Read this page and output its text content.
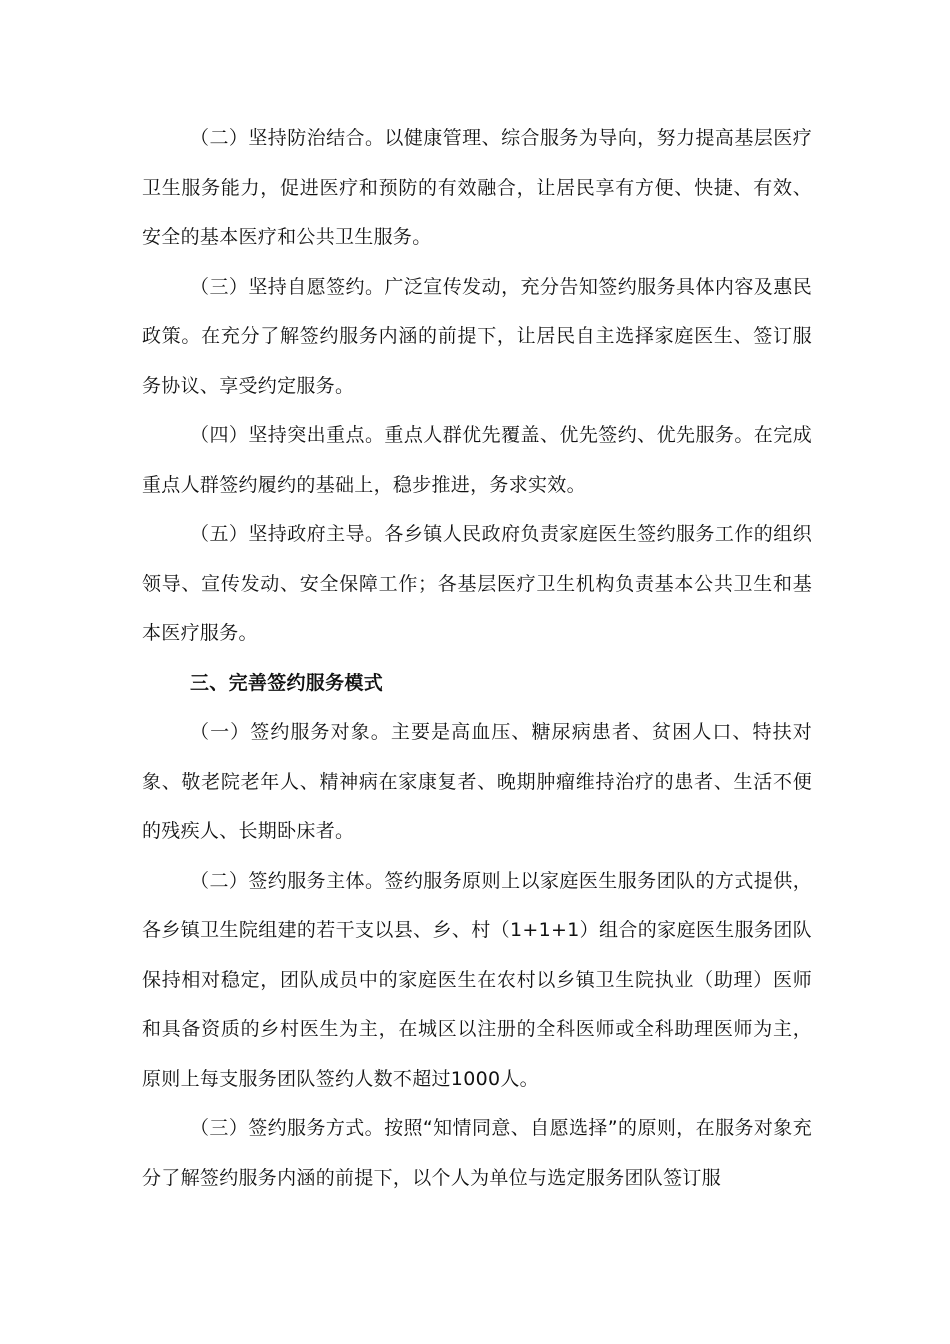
（二）坚持防治结合。以健康管理、综合服务为导向，努力提高基层医疗卫生服务能力，促进医疗和预防的有效融合，让居民享有方便、快捷、有效、安全的基本医疗和公共卫生服务。

（三）坚持自愿签约。广泛宣传发动，充分告知签约服务具体内容及惠民政策。在充分了解签约服务内涵的前提下，让居民自主选择家庭医生、签订服务协议、享受约定服务。

（四）坚持突出重点。重点人群优先覆盖、优先签约、优先服务。在完成重点人群签约履约的基础上，稳步推进，务求实效。

（五）坚持政府主导。各乡镇人民政府负责家庭医生签约服务工作的组织领导、宣传发动、安全保障工作；各基层医疗卫生机构负责基本公共卫生和基本医疗服务。

三、完善签约服务模式

（一）签约服务对象。主要是高血压、糖尿病患者、贫困人口、特扶对象、敬老院老年人、精神病在家康复者、晚期肿瘤维持治疗的患者、生活不便的残疾人、长期卧床者。

（二）签约服务主体。签约服务原则上以家庭医生服务团队的方式提供，各乡镇卫生院组建的若干支以县、乡、村（1+1+1）组合的家庭医生服务团队保持相对稳定，团队成员中的家庭医生在农村以乡镇卫生院执业（助理）医师和具备资质的乡村医生为主，在城区以注册的全科医师或全科助理医师为主，原则上每支服务团队签约人数不超过1000人。

（三）签约服务方式。按照“知情同意、自愿选择”的原则，在服务对象充分了解签约服务内涵的前提下，以个人为单位与选定服务团队签订服
